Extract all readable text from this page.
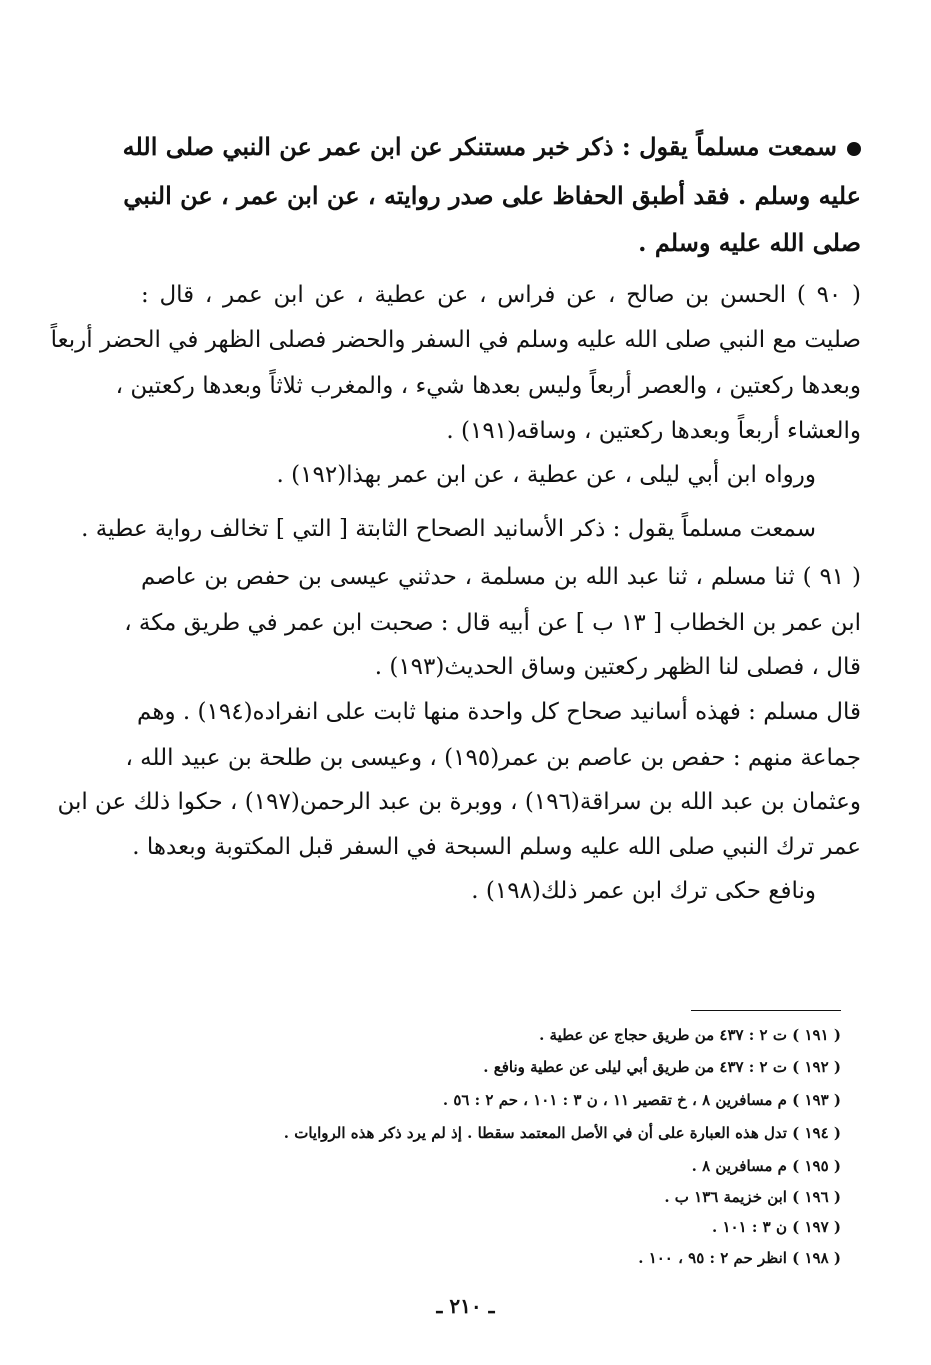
سمعت مسلماً يقول : ذكر خبر مستنكر عن ابن عمر عن النبي صلى الله
عليه وسلم . فقد أطبق الحفاظ على صدر روايته ، عن ابن عمر ، عن النبي
صلى الله عليه وسلم .
( ٩٠ ) الحسن بن صالح ، عن فراس ، عن عطية ، عن ابن عمر ، قال :
صليت مع النبي صلى الله عليه وسلم في السفر والحضر فصلى الظهر في الحضر أربعاً
وبعدها ركعتين ، والعصر أربعاً وليس بعدها شيء ، والمغرب ثلاثاً وبعدها ركعتين ،
والعشاء أربعاً وبعدها ركعتين ، وساقه(١٩١) .
ورواه ابن أبي ليلى ، عن عطية ، عن ابن عمر بهذا(١٩٢) .
سمعت مسلماً يقول : ذكر الأسانيد الصحاح الثابتة [ التي ] تخالف رواية عطية .
( ٩١ ) ثنا مسلم ، ثنا عبد الله بن مسلمة ، حدثني عيسى بن حفص بن عاصم
ابن عمر بن الخطاب [ ١٣ ب ] عن أبيه قال : صحبت ابن عمر في طريق مكة ،
قال ، فصلى لنا الظهر ركعتين وساق الحديث(١٩٣) .
قال مسلم : فهذه أسانيد صحاح كل واحدة منها ثابت على انفراده(١٩٤) . وهم
جماعة منهم : حفص بن عاصم بن عمر(١٩٥) ، وعيسى بن طلحة بن عبيد الله ،
وعثمان بن عبد الله بن سراقة(١٩٦) ، ووبرة بن عبد الرحمن(١٩٧) ، حكوا ذلك عن ابن
عمر ترك النبي صلى الله عليه وسلم السبحة في السفر قبل المكتوبة وبعدها .
ونافع حكى ترك ابن عمر ذلك(١٩٨) .
( ١٩١ ) ت ٢ : ٤٣٧ من طريق حجاج عن عطية .
( ١٩٢ ) ت ٢ : ٤٣٧ من طريق أبي ليلى عن عطية ونافع .
( ١٩٣ ) م مسافرين ٨ ، خ تقصير ١١ ، ن ٣ : ١٠١ ، حم ٢ : ٥٦ .
( ١٩٤ ) تدل هذه العبارة على أن في الأصل المعتمد سقطا . إذ لم يرد ذكر هذه الروايات .
( ١٩٥ ) م مسافرين ٨ .
( ١٩٦ ) ابن خزيمة ١٣٦ ب .
( ١٩٧ ) ن ٣ : ١٠١ .
( ١٩٨ ) انظر حم ٢ : ٩٥ ، ١٠٠ .
ـ ٢١٠ ـ
